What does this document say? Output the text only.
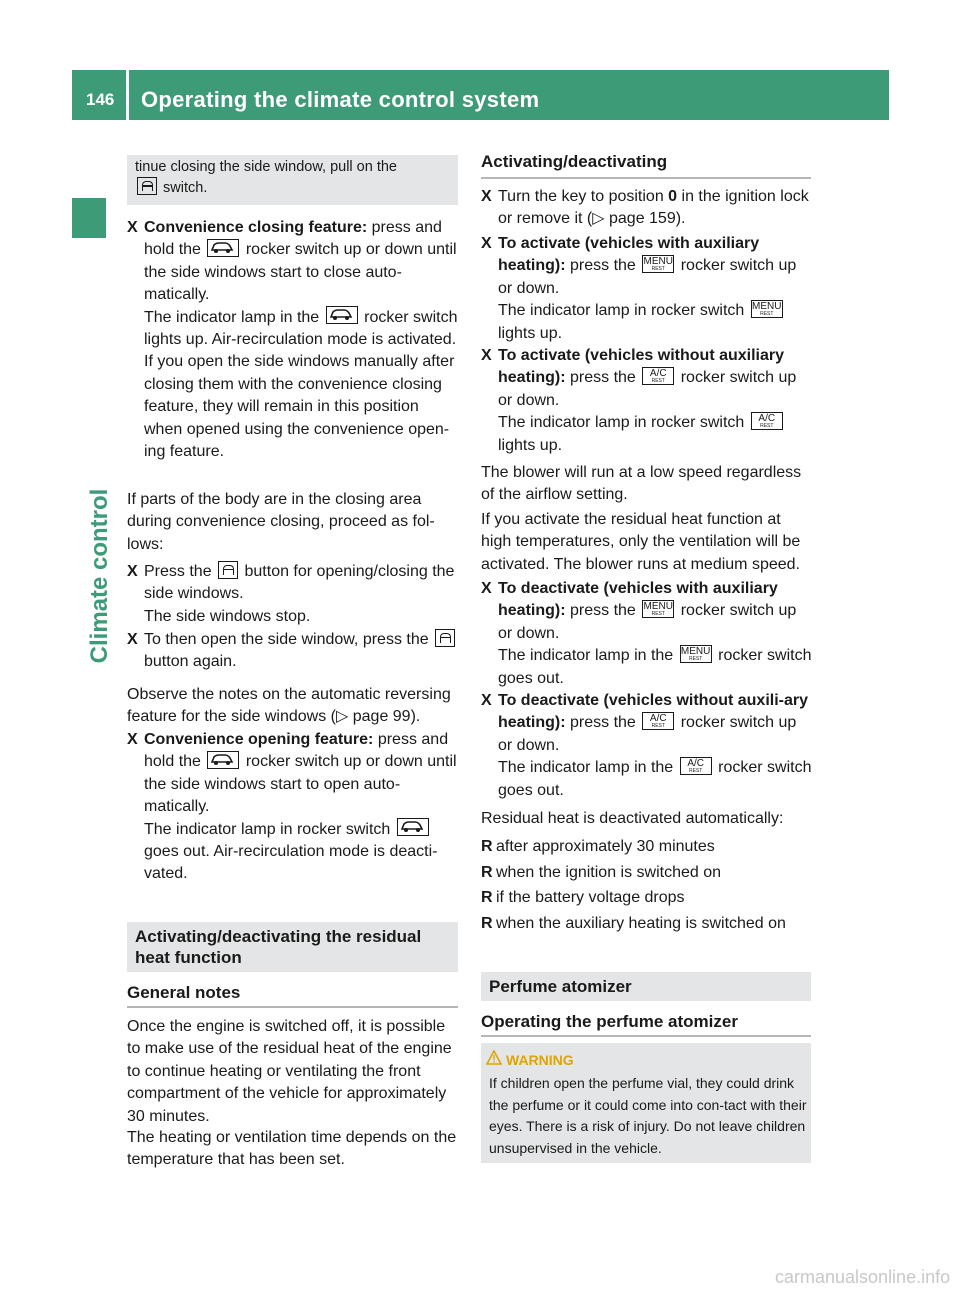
146 Operating the climate control system
Climate control
tinue closing the side window, pull on the
switch.
X Convenience closing feature: press and hold the	rocker switch up or down until the side windows start to close auto-matically.
The indicator lamp in the	rocker switch lights up. Air-recirculation mode is activated.
If you open the side windows manually after closing them with the convenience closing feature, they will remain in this position when opened using the convenience open-ing feature.
If parts of the body are in the closing area during convenience closing, proceed as fol-lows:
X Press the button for opening/closing the side windows.
The side windows stop.
X To then open the side window, press the  button again.
Observe the notes on the automatic reversing feature for the side windows (▷ page 99).
X Convenience opening feature: press and hold the	rocker switch up or down until the side windows start to open auto-matically.
The indicator lamp in rocker switch
goes out. Air-recirculation mode is deacti-vated.
Activating/deactivating the residual heat function
General notes
Once the engine is switched off, it is possible to make use of the residual heat of the engine to continue heating or ventilating the front compartment of the vehicle for approximately 30 minutes.
The heating or ventilation time depends on the temperature that has been set.
Activating/deactivating
X Turn the key to position 0 in the ignition lock or remove it (▷ page 159).
X To activate (vehicles with auxiliary heating): press the MENU
REST rocker switch up or down.
The indicator lamp in rocker switch MENU
REST
lights up.
X To activate (vehicles without auxiliary heating): press the	A/C
REST rocker switch up or down.
The indicator lamp in rocker switch	A/C
REST
lights up.
The blower will run at a low speed regardless of the airflow setting.
If you activate the residual heat function at high temperatures, only the ventilation will be activated. The blower runs at medium speed.
X To deactivate (vehicles with auxiliary heating): press the MENU
REST rocker switch up or down.
The indicator lamp in the MENU
REST rocker switch goes out.
X To deactivate (vehicles without auxili-ary heating): press the	A/C
REST rocker switch up or down.
The indicator lamp in the	A/C
REST rocker switch goes out.
Residual heat is deactivated automatically:
R after approximately 30 minutes
R when the ignition is switched on
R if the battery voltage drops
R when the auxiliary heating is switched on
Perfume atomizer
Operating the perfume atomizer
WARNING
If children open the perfume vial, they could drink the perfume or it could come into con-tact with their eyes. There is a risk of injury. Do not leave children unsupervised in the vehicle.
carmanualsonline.info
